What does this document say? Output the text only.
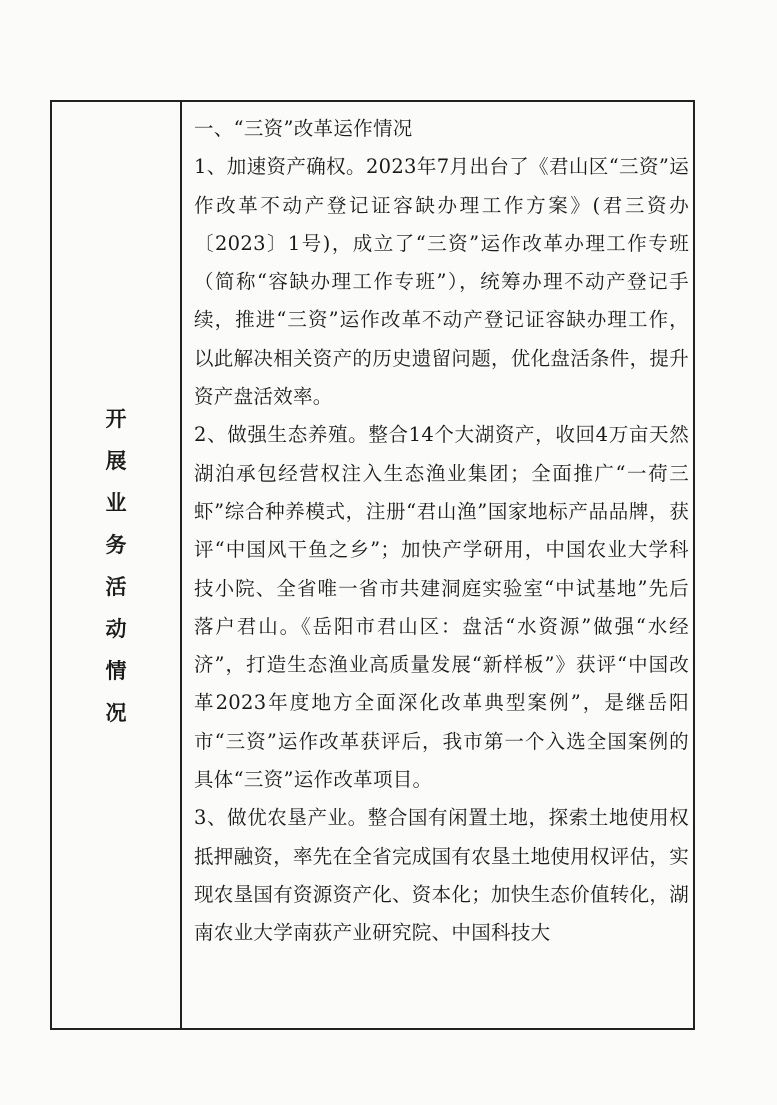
开
展
业
务
活
动
情
况

一、“三资”改革运作情况

1、加速资产确权。2023年7月出台了《君山区“三资”运作改革不动产登记证容缺办理工作方案》(君三资办〔2023〕1号)，成立了“三资”运作改革办理工作专班（简称“容缺办理工作专班”），统筹办理不动产登记手续，推进“三资”运作改革不动产登记证容缺办理工作，以此解决相关资产的历史遗留问题，优化盘活条件，提升资产盘活效率。

2、做强生态养殖。整合14个大湖资产，收回4万亩天然湖泊承包经营权注入生态渔业集团；全面推广“一荷三虾”综合种养模式，注册“君山渔”国家地标产品品牌，获评“中国风干鱼之乡”；加快产学研用，中国农业大学科技小院、全省唯一省市共建洞庭实验室“中试基地”先后落户君山。《岳阳市君山区：盘活“水资源”做强“水经济”，打造生态渔业高质量发展“新样板”》获评“中国改革2023年度地方全面深化改革典型案例”，是继岳阳市“三资”运作改革获评后，我市第一个入选全国案例的具体“三资”运作改革项目。

3、做优农垦产业。整合国有闲置土地，探索土地使用权抵押融资，率先在全省完成国有农垦土地使用权评估，实现农垦国有资源资产化、资本化；加快生态价值转化，湖南农业大学南荻产业研究院、中国科技大
